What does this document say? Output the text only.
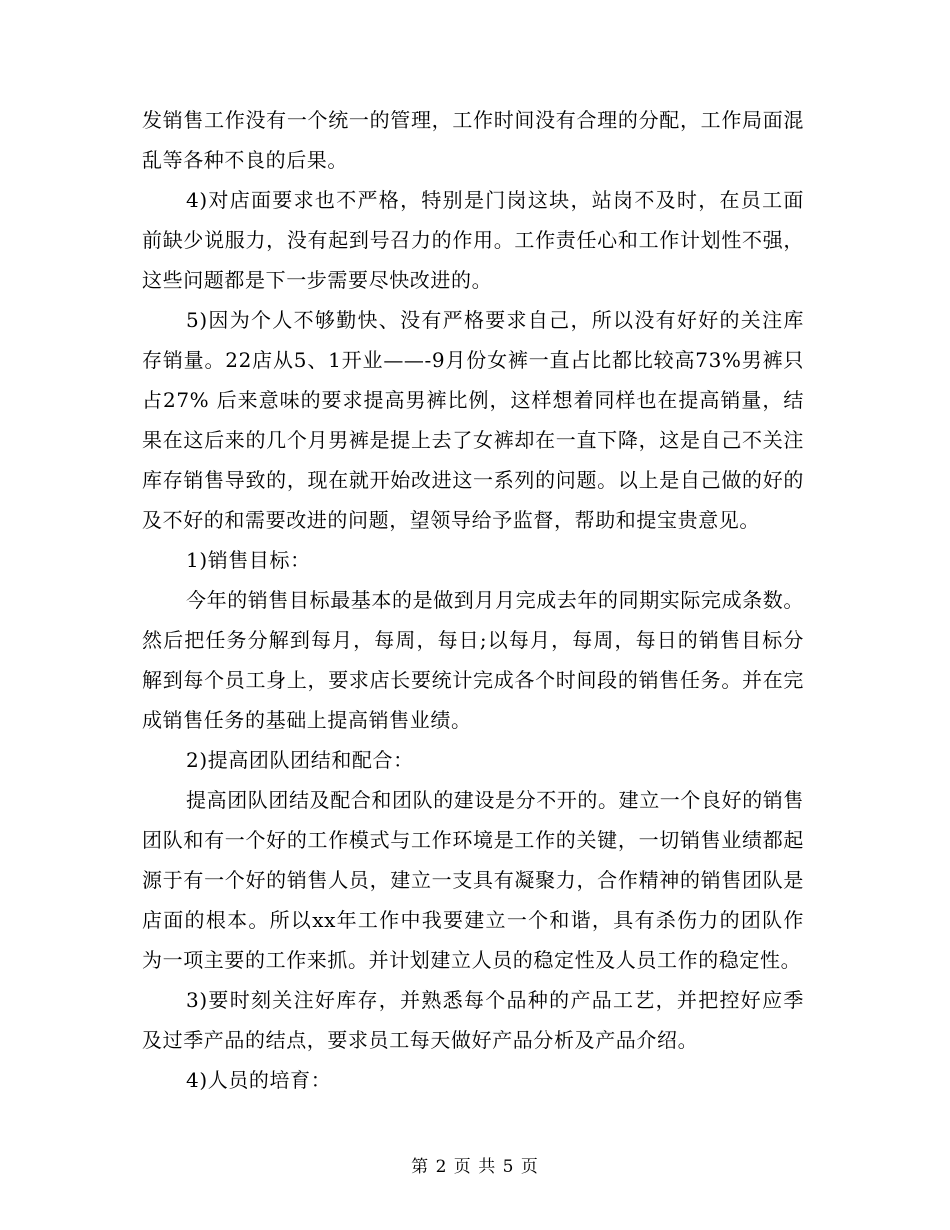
发销售工作没有一个统一的管理，工作时间没有合理的分配，工作局面混乱等各种不良的后果。

4)对店面要求也不严格，特别是门岗这块，站岗不及时，在员工面前缺少说服力，没有起到号召力的作用。工作责任心和工作计划性不强，这些问题都是下一步需要尽快改进的。

5)因为个人不够勤快、没有严格要求自己，所以没有好好的关注库存销量。22店从5、1开业——-9月份女裤一直占比都比较高73%男裤只占27% 后来意味的要求提高男裤比例，这样想着同样也在提高销量，结果在这后来的几个月男裤是提上去了女裤却在一直下降，这是自己不关注库存销售导致的，现在就开始改进这一系列的问题。以上是自己做的好的及不好的和需要改进的问题，望领导给予监督，帮助和提宝贵意见。

1)销售目标：

今年的销售目标最基本的是做到月月完成去年的同期实际完成条数。然后把任务分解到每月，每周，每日;以每月，每周，每日的销售目标分解到每个员工身上，要求店长要统计完成各个时间段的销售任务。并在完成销售任务的基础上提高销售业绩。

2)提高团队团结和配合：

提高团队团结及配合和团队的建设是分不开的。建立一个良好的销售团队和有一个好的工作模式与工作环境是工作的关键，一切销售业绩都起源于有一个好的销售人员，建立一支具有凝聚力，合作精神的销售团队是店面的根本。所以xx年工作中我要建立一个和谐，具有杀伤力的团队作为一项主要的工作来抓。并计划建立人员的稳定性及人员工作的稳定性。

3)要时刻关注好库存，并熟悉每个品种的产品工艺，并把控好应季及过季产品的结点，要求员工每天做好产品分析及产品介绍。

4)人员的培育：

第 2 页 共 5 页
